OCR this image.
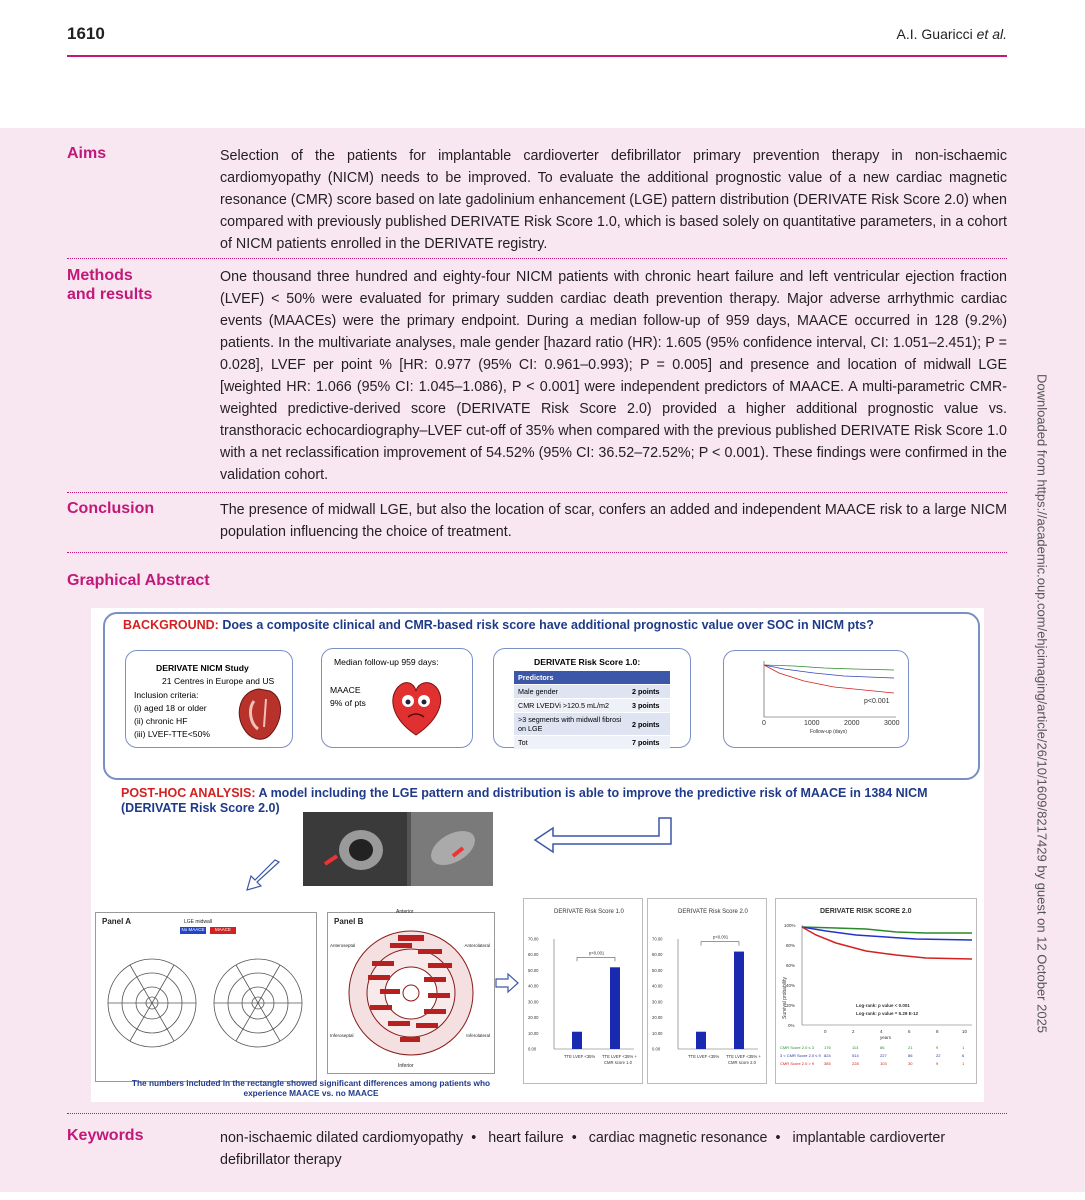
1610	A.I. Guaricci et al.
Aims	Selection of the patients for implantable cardioverter defibrillator primary prevention therapy in non-ischaemic cardiomyopathy (NICM) needs to be improved. To evaluate the additional prognostic value of a new cardiac magnetic resonance (CMR) score based on late gadolinium enhancement (LGE) pattern distribution (DERIVATE Risk Score 2.0) when compared with previously published DERIVATE Risk Score 1.0, which is based solely on quantitative parameters, in a cohort of NICM patients enrolled in the DERIVATE registry.
Methods
and results
One thousand three hundred and eighty-four NICM patients with chronic heart failure and left ventricular ejection fraction (LVEF) < 50% were evaluated for primary sudden cardiac death prevention therapy. Major adverse arrhythmic cardiac events (MAACEs) were the primary endpoint. During a median follow-up of 959 days, MAACE occurred in 128 (9.2%) patients. In the multivariate analyses, male gender [hazard ratio (HR): 1.605 (95% confidence interval, CI: 1.051–2.451); P = 0.028], LVEF per point % [HR: 0.977 (95% CI: 0.961–0.993); P = 0.005] and presence and location of midwall LGE [weighted HR: 1.066 (95% CI: 1.045–1.086), P < 0.001] were independent predictors of MAACE. A multi-parametric CMR-weighted predictive-derived score (DERIVATE Risk Score 2.0) provided a higher additional prognostic value vs. transthoracic echocardiography–LVEF cut-off of 35% when compared with the previous published DERIVATE Risk Score 1.0 with a net reclassification improvement of 54.52% (95% CI: 36.52–72.52%; P < 0.001). These findings were confirmed in the validation cohort.
Conclusion	The presence of midwall LGE, but also the location of scar, confers an added and independent MAACE risk to a large NICM population influencing the choice of treatment.
Graphical Abstract
BACKGROUND: Does a composite clinical and CMR-based risk score have additional prognostic value over SOC in NICM pts?
DERIVATE NICM Study
21 Centres in Europe and US
Inclusion criteria:
(i) aged 18 or older
(ii) chronic HF
(iii) LVEF-TTE<50%
Median follow-up 959 days:
MAACE
9% of pts
DERIVATE Risk Score 1.0:
Predictors	
Male gender	2 points
CMR LVEDVi >120.5 mL/m2	3 points
>3 segments with midwall fibrosi on LGE	2 points
Tot	7 points
p<0.001
0	1000	2000	3000
Follow-up (days)
POST-HOC ANALYSIS: A model including the LGE pattern and distribution is able to improve the predictive risk of MAACE in 1384 NICM (DERIVATE Risk Score 2.0)
Panel A	LGE midwall
No MAACE	MAACE
Panel B
Anterior
Inferior
Anteroseptal
Inferoseptal
Anterolateral
Inferolateral
DERIVATE Risk Score 1.0
0.00
10.00
20.00
30.00
40.00
50.00
60.00
70.00
TTE LVEF <35% TTE LVEF <35% +
CMR score 1.0
p<0.001
DERIVATE Risk Score 2.0
0.00
10.00
20.00
30.00
40.00
50.00
60.00
70.00
TTE LVEF <35% TTE LVEF <35% +
CMR score 2.0
p<0.001
DERIVATE RISK SCORE 2.0
Survival probability
100%
80%
60%
40%
20%
0%
Log-rank: p value < 0.001
Log-rank: p value = 5.29 E-12
0	2	4	6	8	10
years
CMR Score 2.0 ≤ 3	176	113	86	21	9	1
3 < CMR Score 2.0 ≤ 9 824	514	227	86	22	6
CMR Score 2.0 > 9 385	228	103	30	9	1
The numbers included in the rectangle showed significant differences among patients who experience MAACE vs. no MAACE
Keywords	non-ischaemic dilated cardiomyopathy • heart failure • cardiac magnetic resonance • implantable cardioverter defibrillator therapy
Downloaded from https://academic.oup.com/ehjcimaging/article/26/10/1609/8217429 by guest on 12 October 2025
